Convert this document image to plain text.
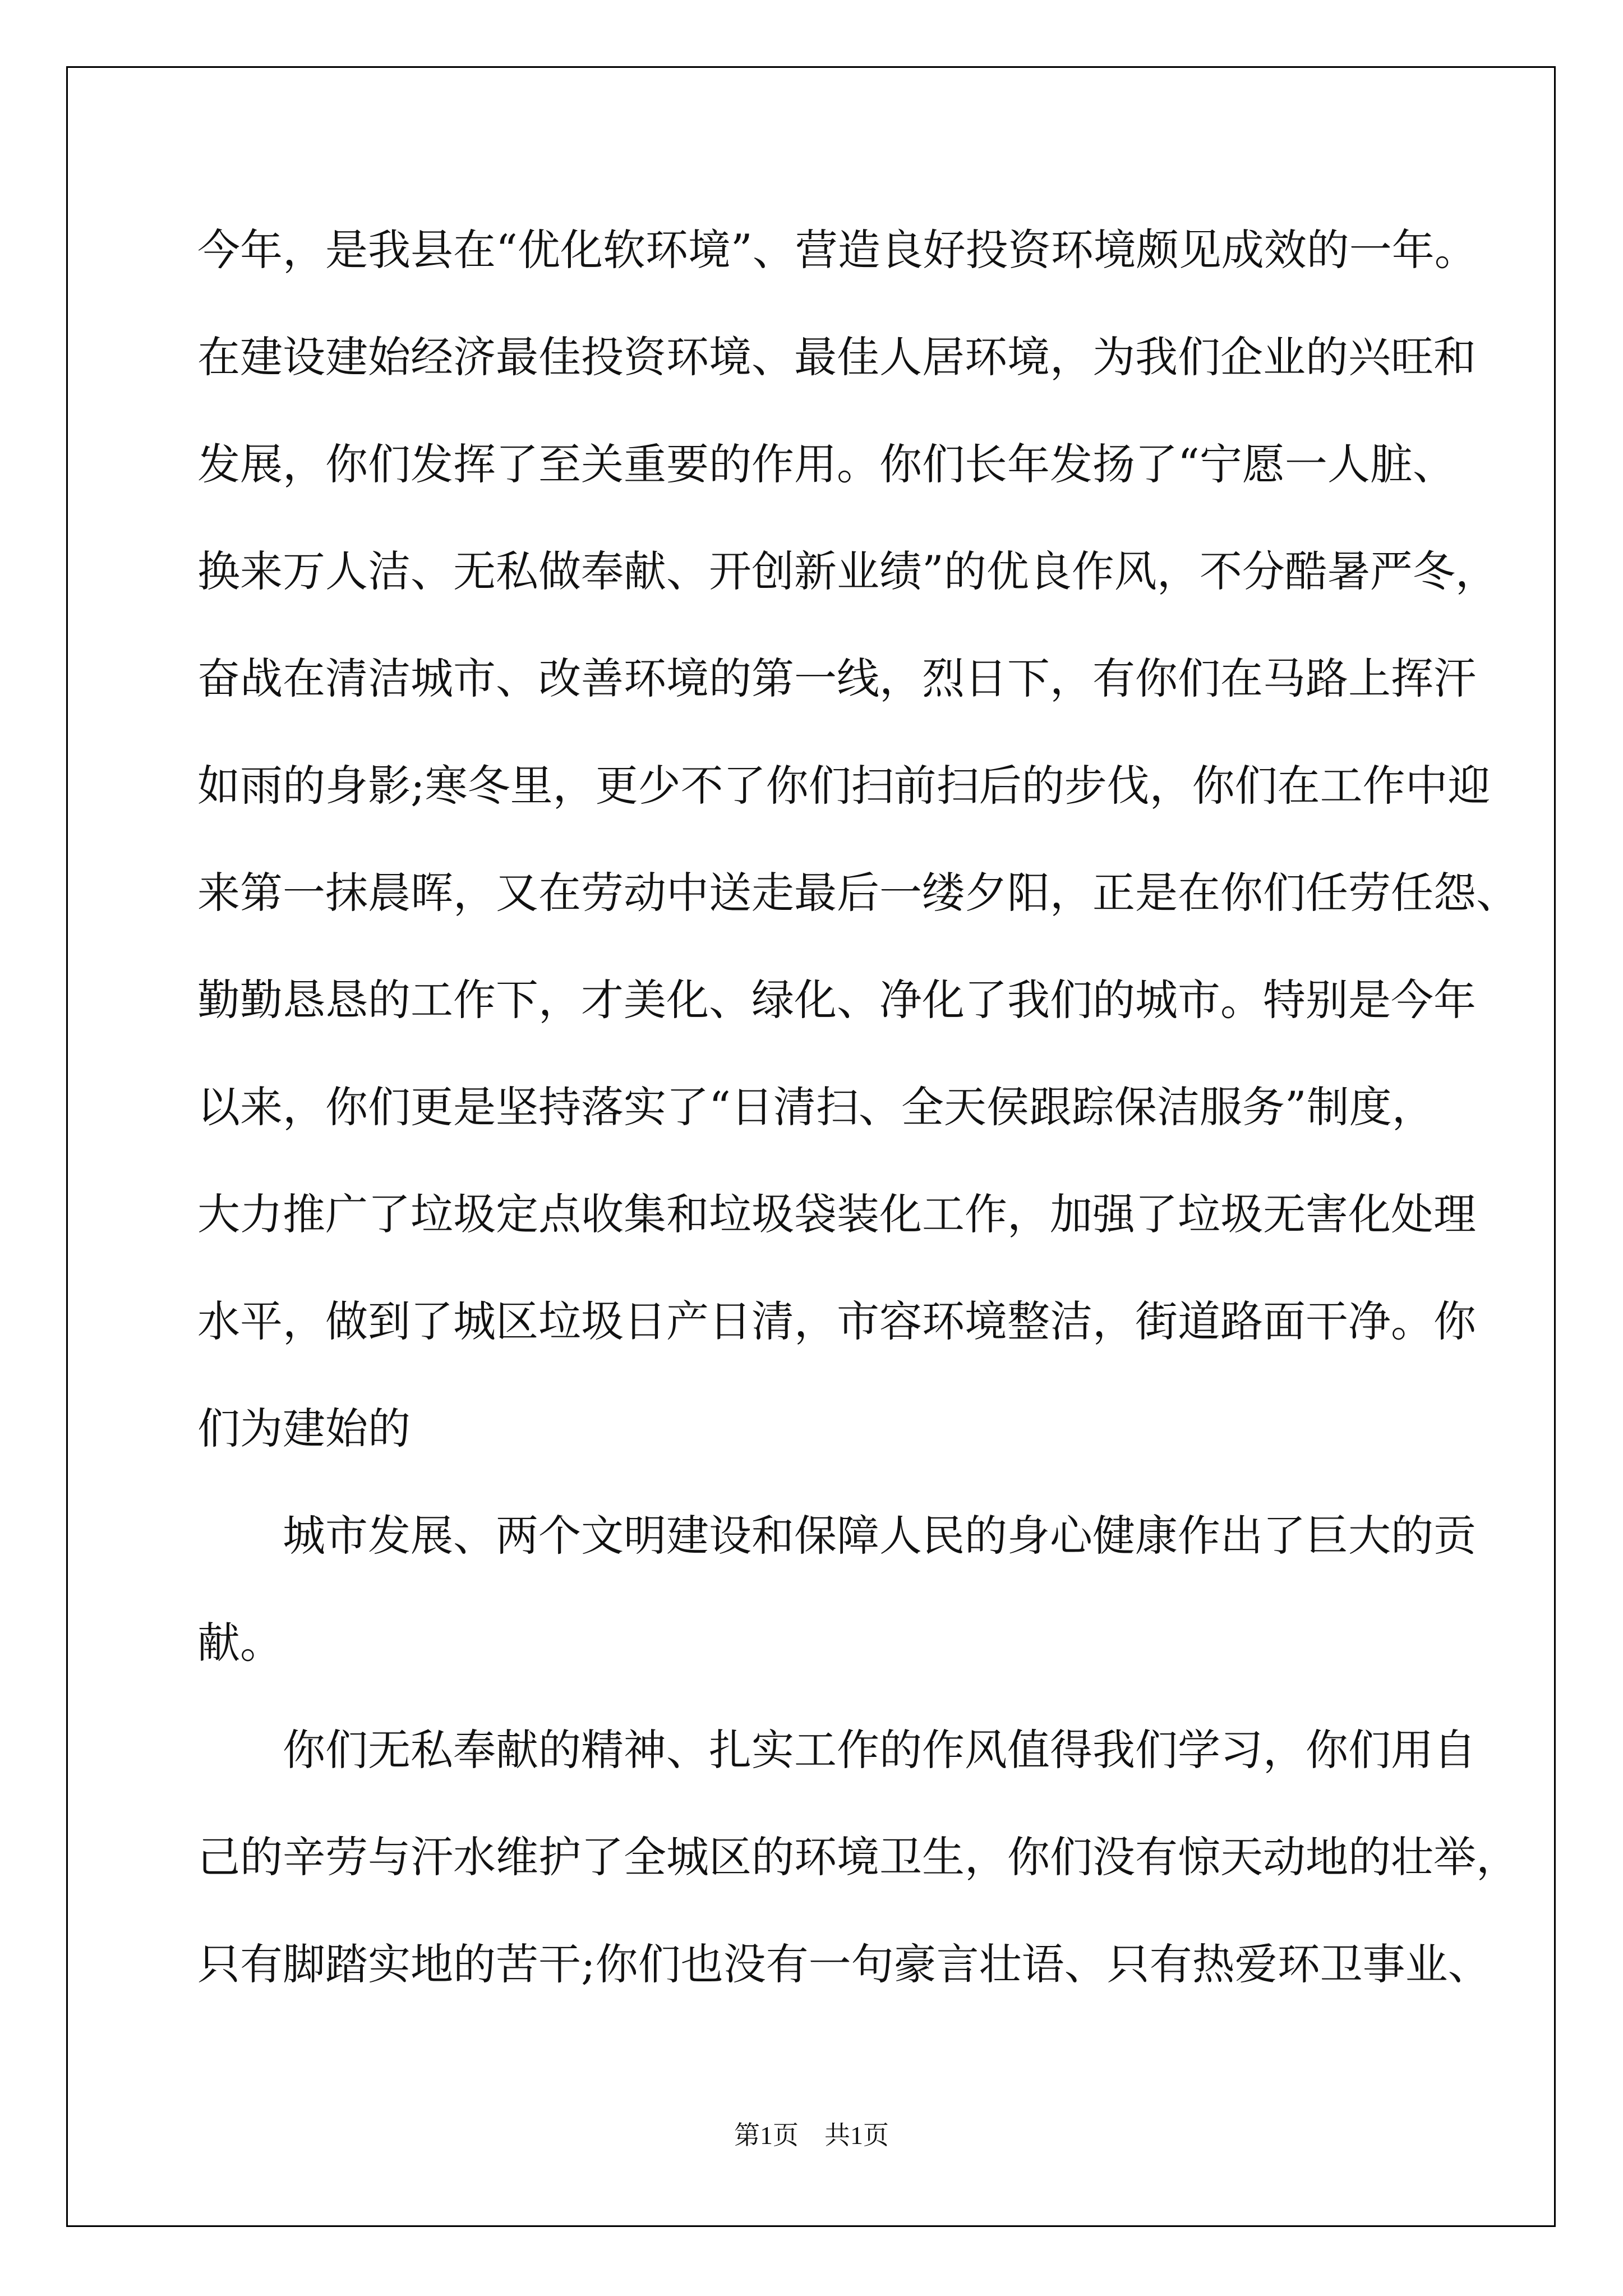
今年，是我县在“优化软环境”、营造良好投资环境颇见成效的一年。
在建设建始经济最佳投资环境、最佳人居环境，为我们企业的兴旺和
发展，你们发挥了至关重要的作用。你们长年发扬了“宁愿一人脏、
换来万人洁、无私做奉献、开创新业绩”的优良作风，不分酷暑严冬，
奋战在清洁城市、改善环境的第一线，烈日下，有你们在马路上挥汗
如雨的身影;寒冬里，更少不了你们扫前扫后的步伐，你们在工作中迎
来第一抹晨晖，又在劳动中送走最后一缕夕阳，正是在你们任劳任怨、
勤勤恳恳的工作下，才美化、绿化、净化了我们的城市。特别是今年
以来，你们更是坚持落实了“日清扫、全天侯跟踪保洁服务”制度，
大力推广了垃圾定点收集和垃圾袋装化工作，加强了垃圾无害化处理
水平，做到了城区垃圾日产日清，市容环境整洁，街道路面干净。你
们为建始的
城市发展、两个文明建设和保障人民的身心健康作出了巨大的贡
献。
你们无私奉献的精神、扎实工作的作风值得我们学习，你们用自
己的辛劳与汗水维护了全城区的环境卫生，你们没有惊天动地的壮举，
只有脚踏实地的苦干;你们也没有一句豪言壮语、只有热爱环卫事业、
第1页　共1页
